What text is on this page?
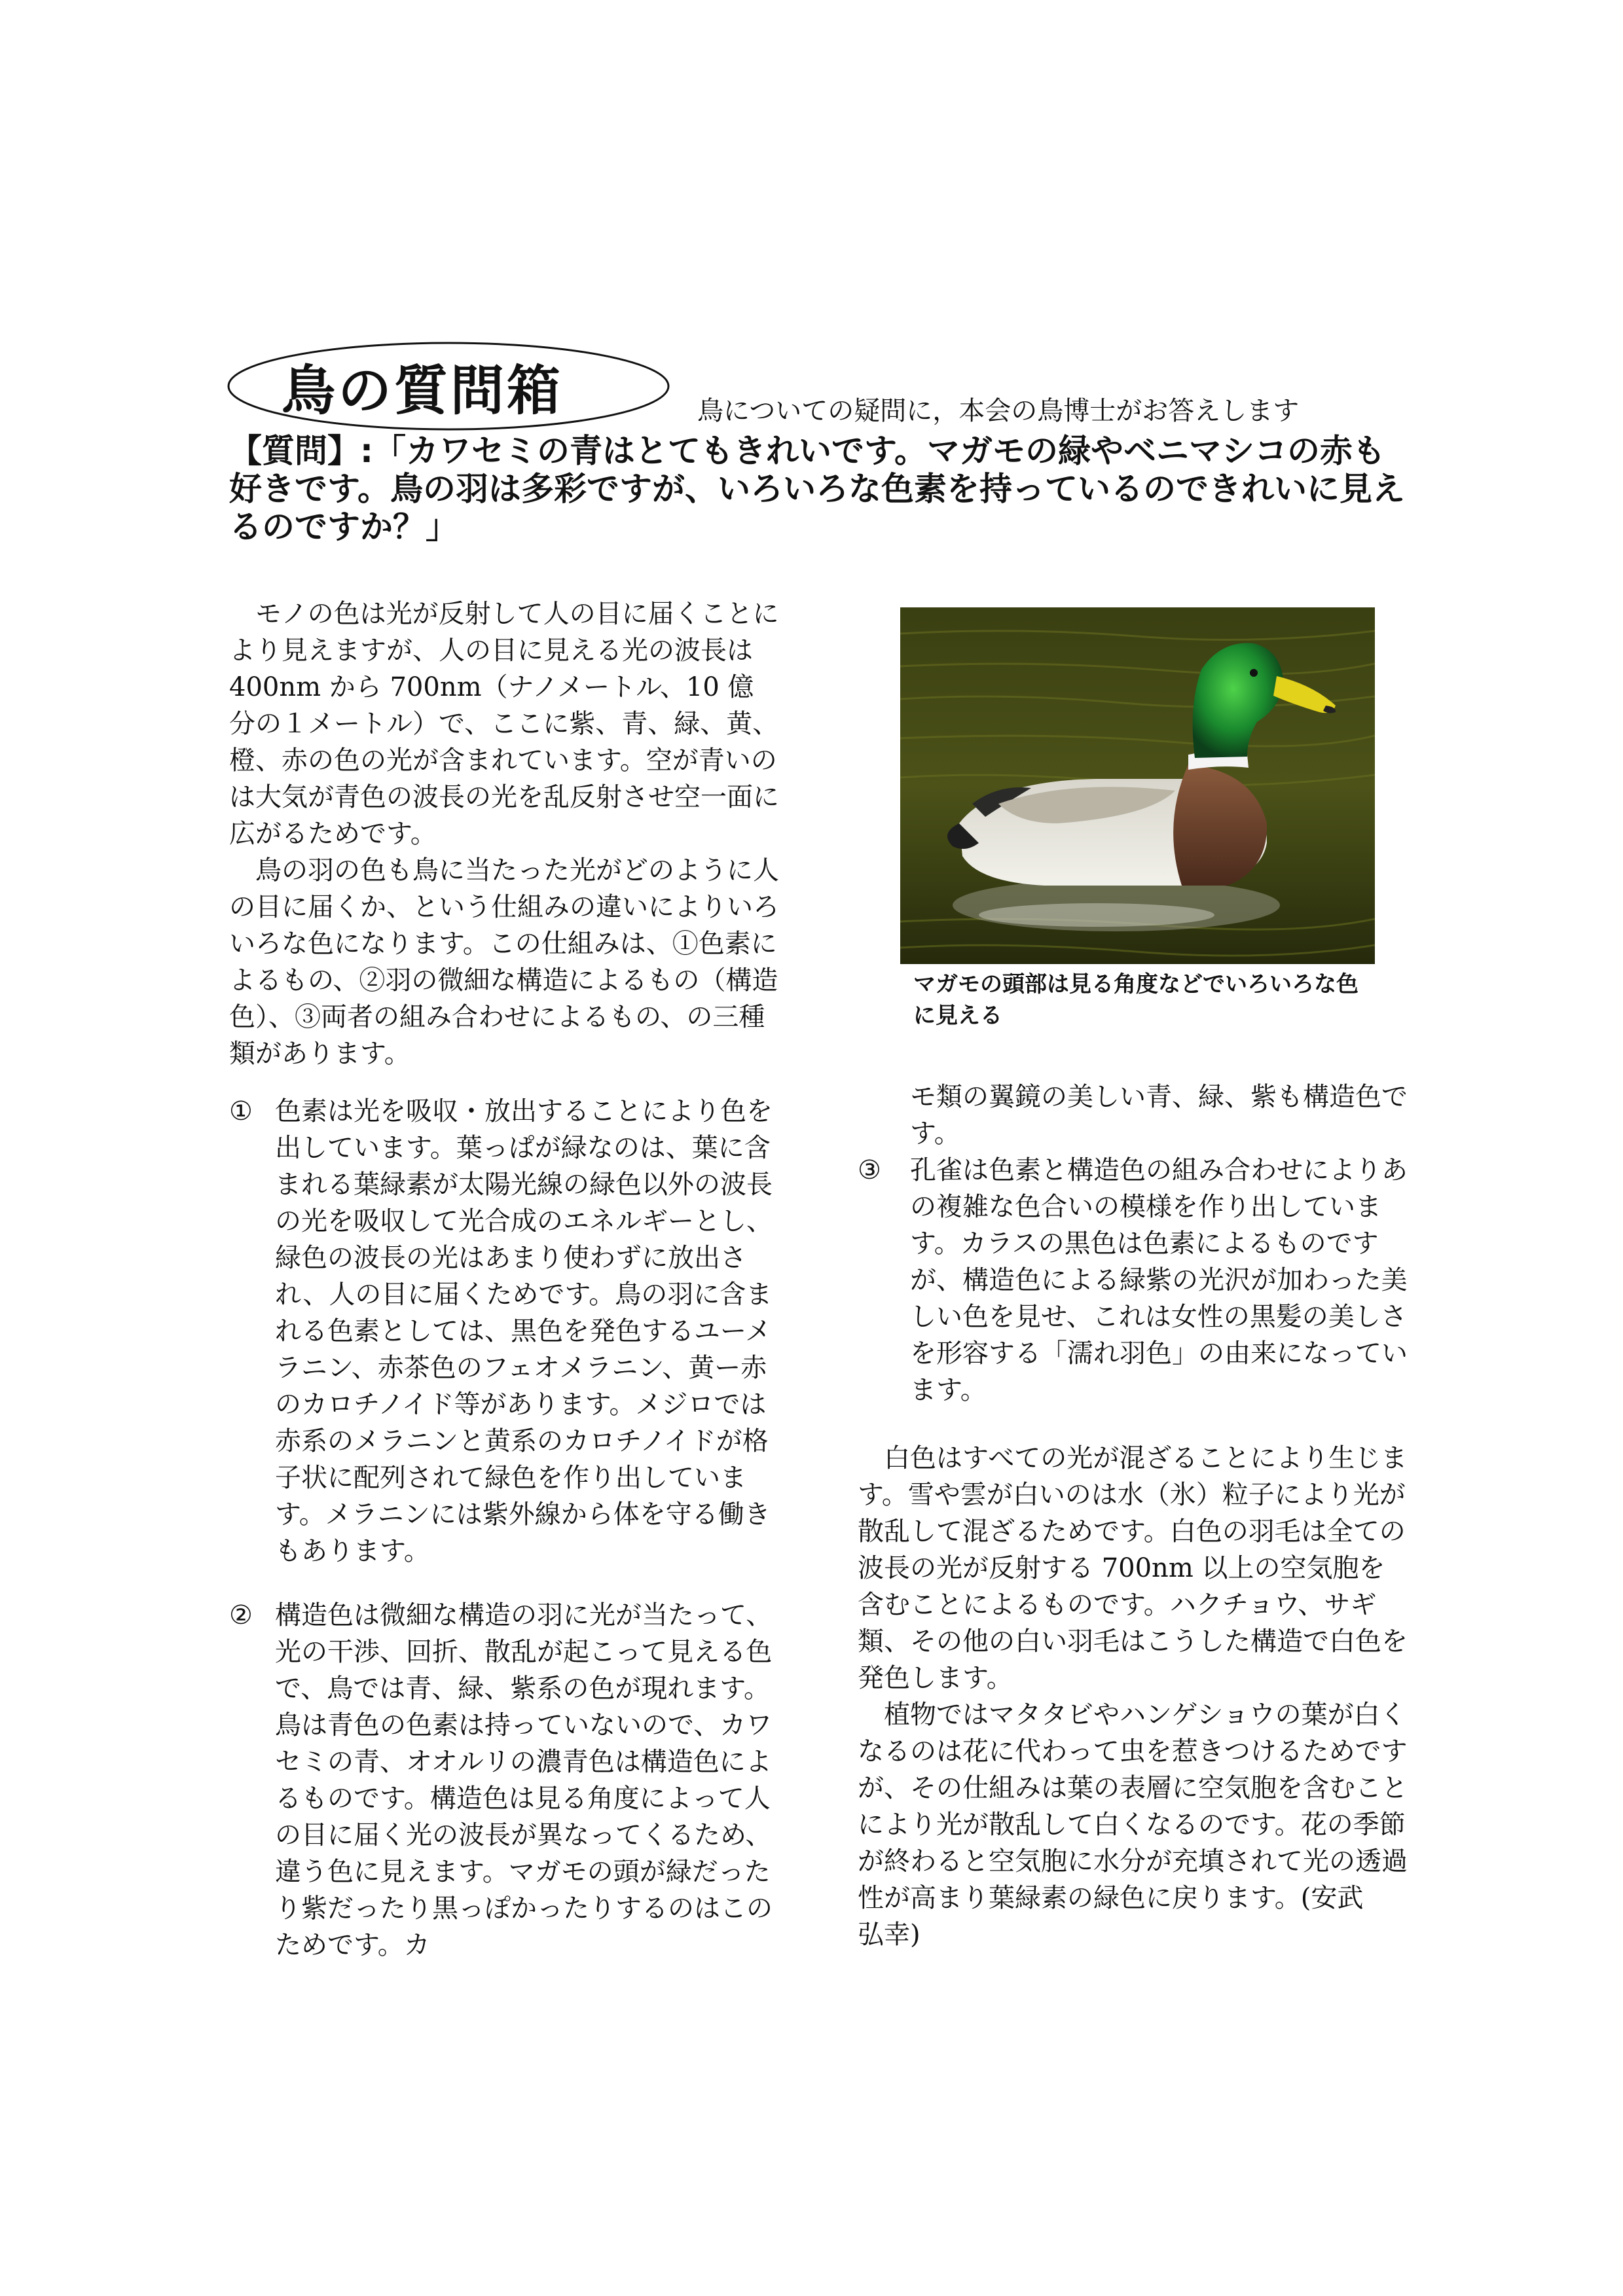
鳥の質問箱	鳥についての疑問に，本会の鳥博士がお答えします
【質問】:「カワセミの青はとてもきれいです。マガモの緑やベニマシコの赤も好きです。鳥の羽は多彩ですが、いろいろな色素を持っているのできれいに見えるのですか？」

モノの色は光が反射して人の目に届くことにより見えますが、人の目に見える光の波長は 400nm から 700nm（ナノメートル、10 億分の１メートル）で、ここに紫、青、緑、黄、橙、赤の色の光が含まれています。空が青いのは大気が青色の波長の光を乱反射させ空一面に広がるためです。

鳥の羽の色も鳥に当たった光がどのように人の目に届くか、という仕組みの違いによりいろいろな色になります。この仕組みは、①色素によるもの、②羽の微細な構造によるもの（構造色）、③両者の組み合わせによるもの、の三種類があります。

① 色素は光を吸収・放出することにより色を出しています。葉っぱが緑なのは、葉に含まれる葉緑素が太陽光線の緑色以外の波長の光を吸収して光合成のエネルギーとし、緑色の波長の光はあまり使わずに放出され、人の目に届くためです。鳥の羽に含まれる色素としては、黒色を発色するユーメラニン、赤茶色のフェオメラニン、黄ー赤のカロチノイド等があります。メジロでは赤系のメラニンと黄系のカロチノイドが格子状に配列されて緑色を作り出しています。メラニンには紫外線から体を守る働きもあります。
② 構造色は微細な構造の羽に光が当たって、光の干渉、回折、散乱が起こって見える色で、鳥では青、緑、紫系の色が現れます。鳥は青色の色素は持っていないので、カワセミの青、オオルリの濃青色は構造色によるものです。構造色は見る角度によって人の目に届く光の波長が異なってくるため、違う色に見えます。マガモの頭が緑だったり紫だったり黒っぽかったりするのはこのためです。カ
マガモの頭部は見る角度などでいろいろな色に見える
モ類の翼鏡の美しい青、緑、紫も構造色です。
③	孔雀は色素と構造色の組み合わせによりあの複雑な色合いの模様を作り出しています。カラスの黒色は色素によるものですが、構造色による緑紫の光沢が加わった美しい色を見せ、これは女性の黒髪の美しさを形容する「濡れ羽色」の由来になっています。

白色はすべての光が混ざることにより生じます。雪や雲が白いのは水（氷）粒子により光が散乱して混ざるためです。白色の羽毛は全ての波長の光が反射する 700nm 以上の空気胞を含むことによるものです。ハクチョウ、サギ類、その他の白い羽毛はこうした構造で白色を発色します。

植物ではマタタビやハンゲショウの葉が白くなるのは花に代わって虫を惹きつけるためですが、その仕組みは葉の表層に空気胞を含むことにより光が散乱して白くなるのです。花の季節が終わると空気胞に水分が充填されて光の透過性が高まり葉緑素の緑色に戻ります。(安武　弘幸)
